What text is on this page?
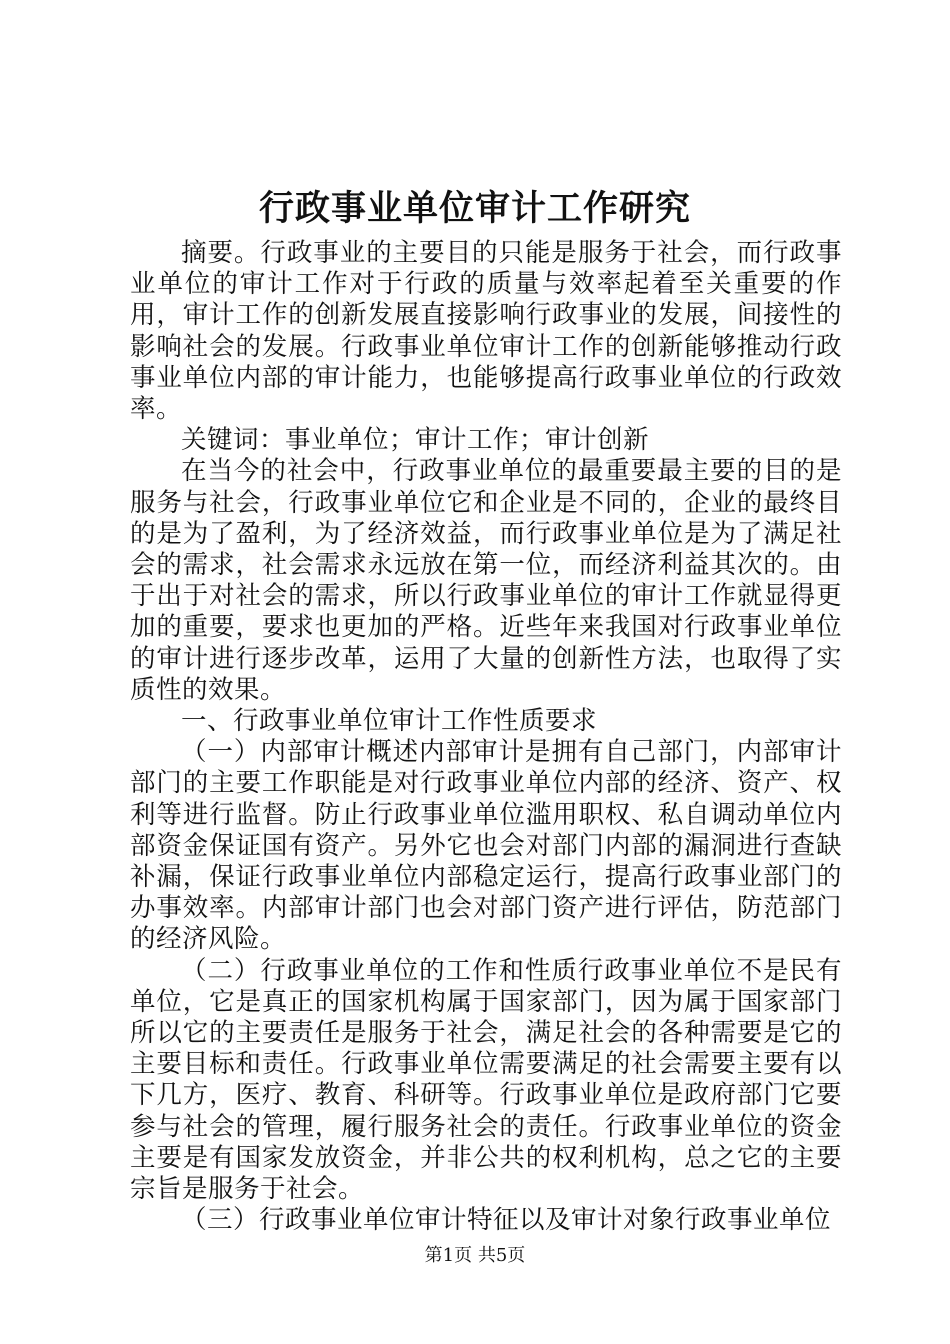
行政事业单位审计工作研究

摘要。行政事业的主要目的只能是服务于社会，而行政事业单位的审计工作对于行政的质量与效率起着至关重要的作用，审计工作的创新发展直接影响行政事业的发展，间接性的影响社会的发展。行政事业单位审计工作的创新能够推动行政事业单位内部的审计能力，也能够提高行政事业单位的行政效率。

关键词：事业单位；审计工作；审计创新

在当今的社会中，行政事业单位的最重要最主要的目的是服务与社会，行政事业单位它和企业是不同的，企业的最终目的是为了盈利，为了经济效益，而行政事业单位是为了满足社会的需求，社会需求永远放在第一位，而经济利益其次的。由于出于对社会的需求，所以行政事业单位的审计工作就显得更加的重要，要求也更加的严格。近些年来我国对行政事业单位的审计进行逐步改革，运用了大量的创新性方法，也取得了实质性的效果。

一、行政事业单位审计工作性质要求

（一）内部审计概述内部审计是拥有自己部门，内部审计部门的主要工作职能是对行政事业单位内部的经济、资产、权利等进行监督。防止行政事业单位滥用职权、私自调动单位内部资金保证国有资产。另外它也会对部门内部的漏洞进行查缺补漏，保证行政事业单位内部稳定运行，提高行政事业部门的办事效率。内部审计部门也会对部门资产进行评估，防范部门的经济风险。

（二）行政事业单位的工作和性质行政事业单位不是民有单位，它是真正的国家机构属于国家部门，因为属于国家部门所以它的主要责任是服务于社会，满足社会的各种需要是它的主要目标和责任。行政事业单位需要满足的社会需要主要有以下几方，医疗、教育、科研等。行政事业单位是政府部门它要参与社会的管理，履行服务社会的责任。行政事业单位的资金主要是有国家发放资金，并非公共的权利机构，总之它的主要宗旨是服务于社会。

（三）行政事业单位审计特征以及审计对象行政事业单位

第1页 共5页
